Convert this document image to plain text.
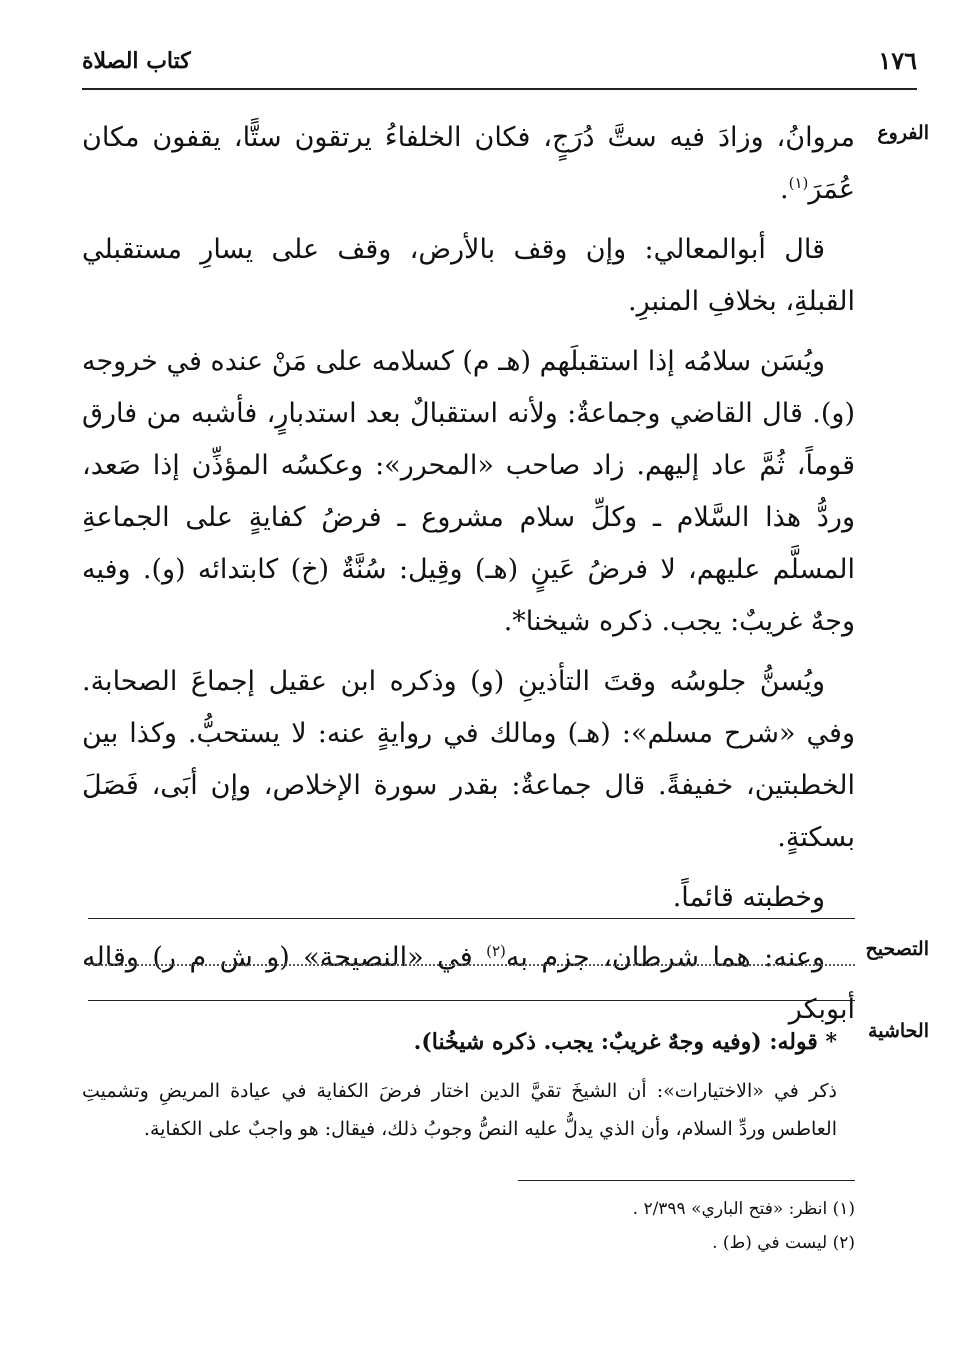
١٧٦
كتاب الصلاة
الفروع

مروانُ، وزادَ فيه ستَّ دُرَجٍ، فكان الخلفاءُ يرتقون ستًّا، يقفون مكان عُمَرَ$^{(١)}$.

قال أبوالمعالي: وإن وقف بالأرض، وقف على يسارِ مستقبلي القبلةِ، بخلافِ المنبرِ.

ويُسَن سلامُه إذا استقبلَهم (هـ م) كسلامه على مَنْ عنده في خروجه (و). قال القاضي وجماعةٌ: ولأنه استقبالٌ بعد استدبارٍ، فأشبه من فارق قوماً، ثُمَّ عاد إليهم. زاد صاحب «المحرر»: وعكسُه المؤذِّن إذا صَعد، وردُّ هذا السَّلام ـ وكلِّ سلام مشروع ـ فرضُ كفايةٍ على الجماعةِ المسلَّم عليهم، لا فرضُ عَينٍ (هـ) وقِيل: سُنَّةٌ (خ) كابتدائه (و). وفيه وجهٌ غريبٌ: يجب. ذكره شيخنا*.

ويُسنُّ جلوسُه وقتَ التأذينِ (و) وذكره ابن عقيل إجماعَ الصحابة. وفي «شرح مسلم»: (هـ) ومالك في روايةٍ عنه: لا يستحبُّ. وكذا بين الخطبتين، خفيفةً. قال جماعةٌ: بقدر سورة الإخلاص، وإن أبَى، فَصَلَ بسكتةٍ.

وخطبته قائماً.

وعنه: هما شرطان، جزم به$^{(٢)}$ في «النصيحة» (و ش م ر) وقاله أبوبكر

التصحيح
الحاشية

* قوله: (وفيه وجهٌ غريبٌ: يجب. ذكره شيخُنا).

ذكر في «الاختيارات»: أن الشيخَ تقيَّ الدين اختار فرضَ الكفاية في عيادة المريضِ وتشميتِ العاطس وردِّ السلام، وأن الذي يدلُّ عليه النصُّ وجوبُ ذلك، فيقال: هو واجبٌ على الكفاية.

(١) انظر: «فتح الباري» ٢/٣٩٩ .
(٢) ليست في (ط) .
